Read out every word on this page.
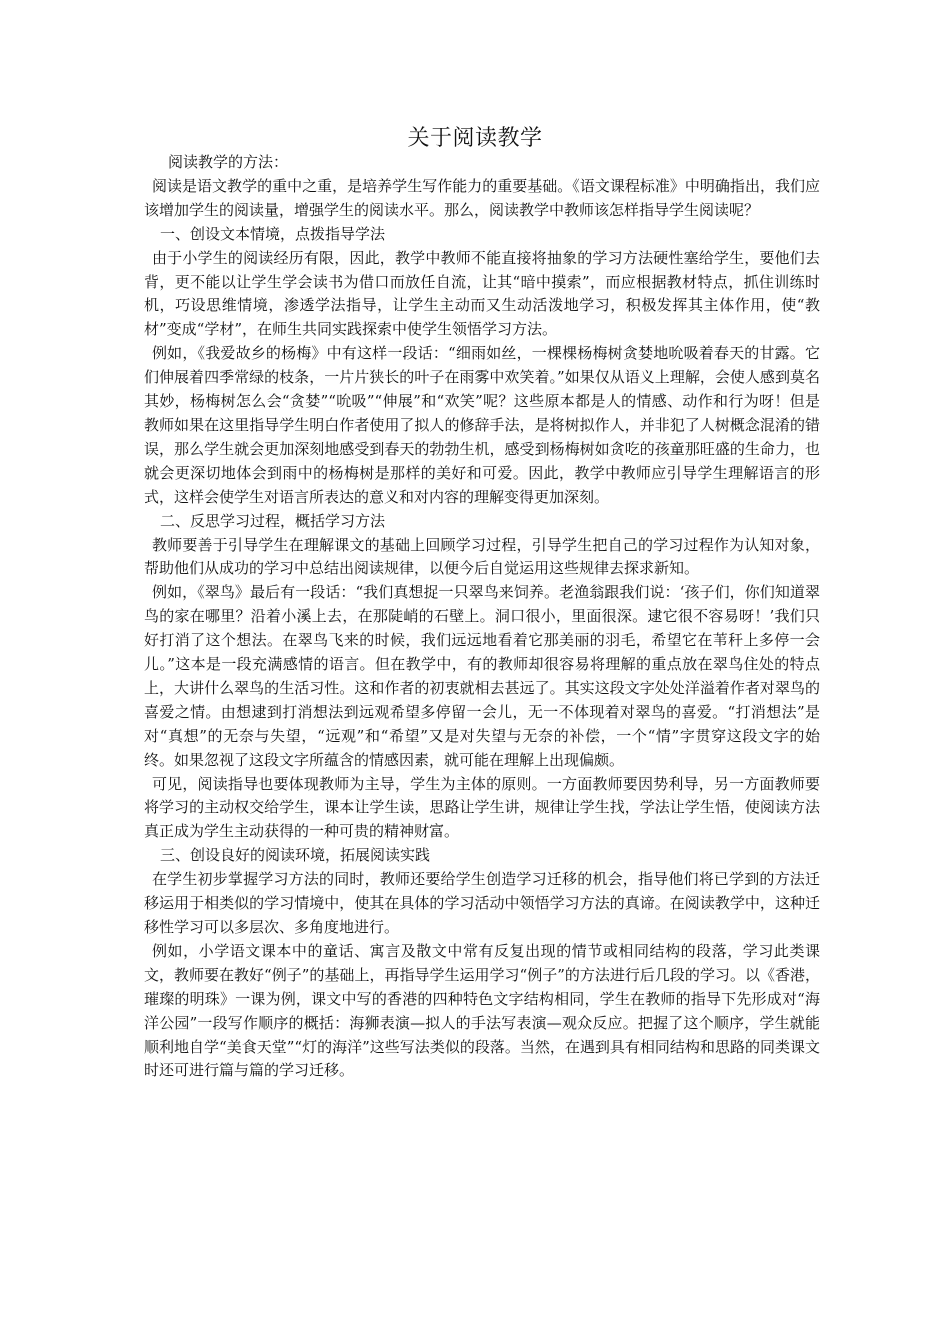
关于阅读教学

阅读教学的方法：

阅读是语文教学的重中之重，是培养学生写作能力的重要基础。《语文课程标准》中明确指出，我们应该增加学生的阅读量，增强学生的阅读水平。那么，阅读教学中教师该怎样指导学生阅读呢？

一、创设文本情境，点拨指导学法

由于小学生的阅读经历有限，因此，教学中教师不能直接将抽象的学习方法硬性塞给学生，要他们去背，更不能以让学生学会读书为借口而放任自流，让其“暗中摸索”，而应根据教材特点，抓住训练时机，巧设思维情境，渗透学法指导，让学生主动而又生动活泼地学习，积极发挥其主体作用，使“教材”变成“学材”，在师生共同实践探索中使学生领悟学习方法。

例如，《我爱故乡的杨梅》中有这样一段话：“细雨如丝，一棵棵杨梅树贪婪地吮吸着春天的甘露。它们伸展着四季常绿的枝条，一片片狭长的叶子在雨雾中欢笑着。”如果仅从语义上理解，会使人感到莫名其妙，杨梅树怎么会“贪婪”“吮吸”“伸展”和“欢笑”呢？这些原本都是人的情感、动作和行为呀！但是教师如果在这里指导学生明白作者使用了拟人的修辞手法，是将树拟作人，并非犯了人树概念混淆的错误，那么学生就会更加深刻地感受到春天的勃勃生机，感受到杨梅树如贪吃的孩童那旺盛的生命力，也就会更深切地体会到雨中的杨梅树是那样的美好和可爱。因此，教学中教师应引导学生理解语言的形式，这样会使学生对语言所表达的意义和对内容的理解变得更加深刻。

二、反思学习过程，概括学习方法

教师要善于引导学生在理解课文的基础上回顾学习过程，引导学生把自己的学习过程作为认知对象，帮助他们从成功的学习中总结出阅读规律，以便今后自觉运用这些规律去探求新知。

例如，《翠鸟》最后有一段话：“我们真想捉一只翠鸟来饲养。老渔翁跟我们说：‘孩子们，你们知道翠鸟的家在哪里？沿着小溪上去，在那陡峭的石壁上。洞口很小，里面很深。逮它很不容易呀！’我们只好打消了这个想法。在翠鸟飞来的时候，我们远远地看着它那美丽的羽毛，希望它在苇秆上多停一会儿。”这本是一段充满感情的语言。但在教学中，有的教师却很容易将理解的重点放在翠鸟住处的特点上，大讲什么翠鸟的生活习性。这和作者的初衷就相去甚远了。其实这段文字处处洋溢着作者对翠鸟的喜爱之情。由想逮到打消想法到远观希望多停留一会儿，无一不体现着对翠鸟的喜爱。“打消想法”是对“真想”的无奈与失望，“远观”和“希望”又是对失望与无奈的补偿，一个“情”字贯穿这段文字的始终。如果忽视了这段文字所蕴含的情感因素，就可能在理解上出现偏颇。

可见，阅读指导也要体现教师为主导，学生为主体的原则。一方面教师要因势利导，另一方面教师要将学习的主动权交给学生，课本让学生读，思路让学生讲，规律让学生找，学法让学生悟，使阅读方法真正成为学生主动获得的一种可贵的精神财富。

三、创设良好的阅读环境，拓展阅读实践

在学生初步掌握学习方法的同时，教师还要给学生创造学习迁移的机会，指导他们将已学到的方法迁移运用于相类似的学习情境中，使其在具体的学习活动中领悟学习方法的真谛。在阅读教学中，这种迁移性学习可以多层次、多角度地进行。

例如，小学语文课本中的童话、寓言及散文中常有反复出现的情节或相同结构的段落，学习此类课文，教师要在教好“例子”的基础上，再指导学生运用学习“例子”的方法进行后几段的学习。以《香港，璀璨的明珠》一课为例，课文中写的香港的四种特色文字结构相同，学生在教师的指导下先形成对“海洋公园”一段写作顺序的概括：海狮表演—拟人的手法写表演—观众反应。把握了这个顺序，学生就能顺利地自学“美食天堂”“灯的海洋”这些写法类似的段落。当然，在遇到具有相同结构和思路的同类课文时还可进行篇与篇的学习迁移。
